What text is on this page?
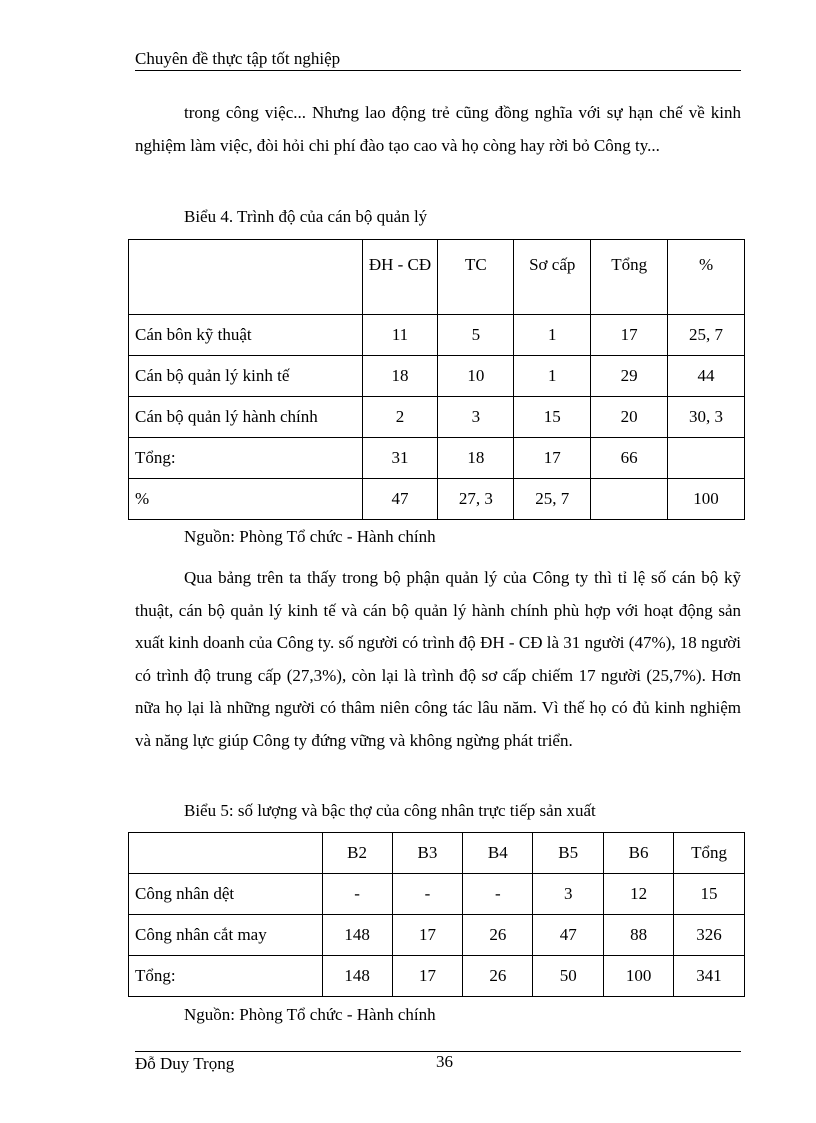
Chuyên đề thực tập tốt nghiệp

trong công việc... Nhưng lao động trẻ cũng đồng nghĩa với sự hạn chế về kinh nghiệm làm việc, đòi hỏi chi phí đào tạo cao và họ còng hay rời bỏ Công ty...

Biểu 4. Trình độ của cán bộ quản lý

	ĐH - CĐ	TC	Sơ cấp	Tổng	%
Cán bôn kỹ thuật	11	5	1	17	25, 7
Cán bộ quản lý kinh tế	18	10	1	29	44
Cán bộ quản lý hành chính	2	3	15	20	30, 3
Tổng:	31	18	17	66	
%	47	27, 3	25, 7		100

Nguồn: Phòng Tổ chức - Hành chính

Qua bảng trên ta thấy trong bộ phận quản lý của Công ty thì tỉ lệ số cán bộ kỹ thuật, cán bộ quản lý kinh tế và cán bộ quản lý hành chính phù hợp với hoạt động sản xuất kinh doanh của Công ty. số người có trình độ ĐH - CĐ là 31 người (47%), 18 người có trình độ trung cấp (27,3%), còn lại là trình độ sơ cấp chiếm 17 người (25,7%). Hơn nữa họ lại là những người có thâm niên công tác lâu năm. Vì thế họ có đủ kinh nghiệm và năng lực giúp Công ty đứng vững và không ngừng phát triển.

Biểu 5: số lượng và bậc thợ của công nhân trực tiếp sản xuất

	B2	B3	B4	B5	B6	Tổng
Công nhân dệt	-	-	-	3	12	15
Công nhân cắt may	148	17	26	47	88	326
Tổng:	148	17	26	50	100	341

Nguồn: Phòng Tổ chức - Hành chính

Đỗ Duy Trọng	36
